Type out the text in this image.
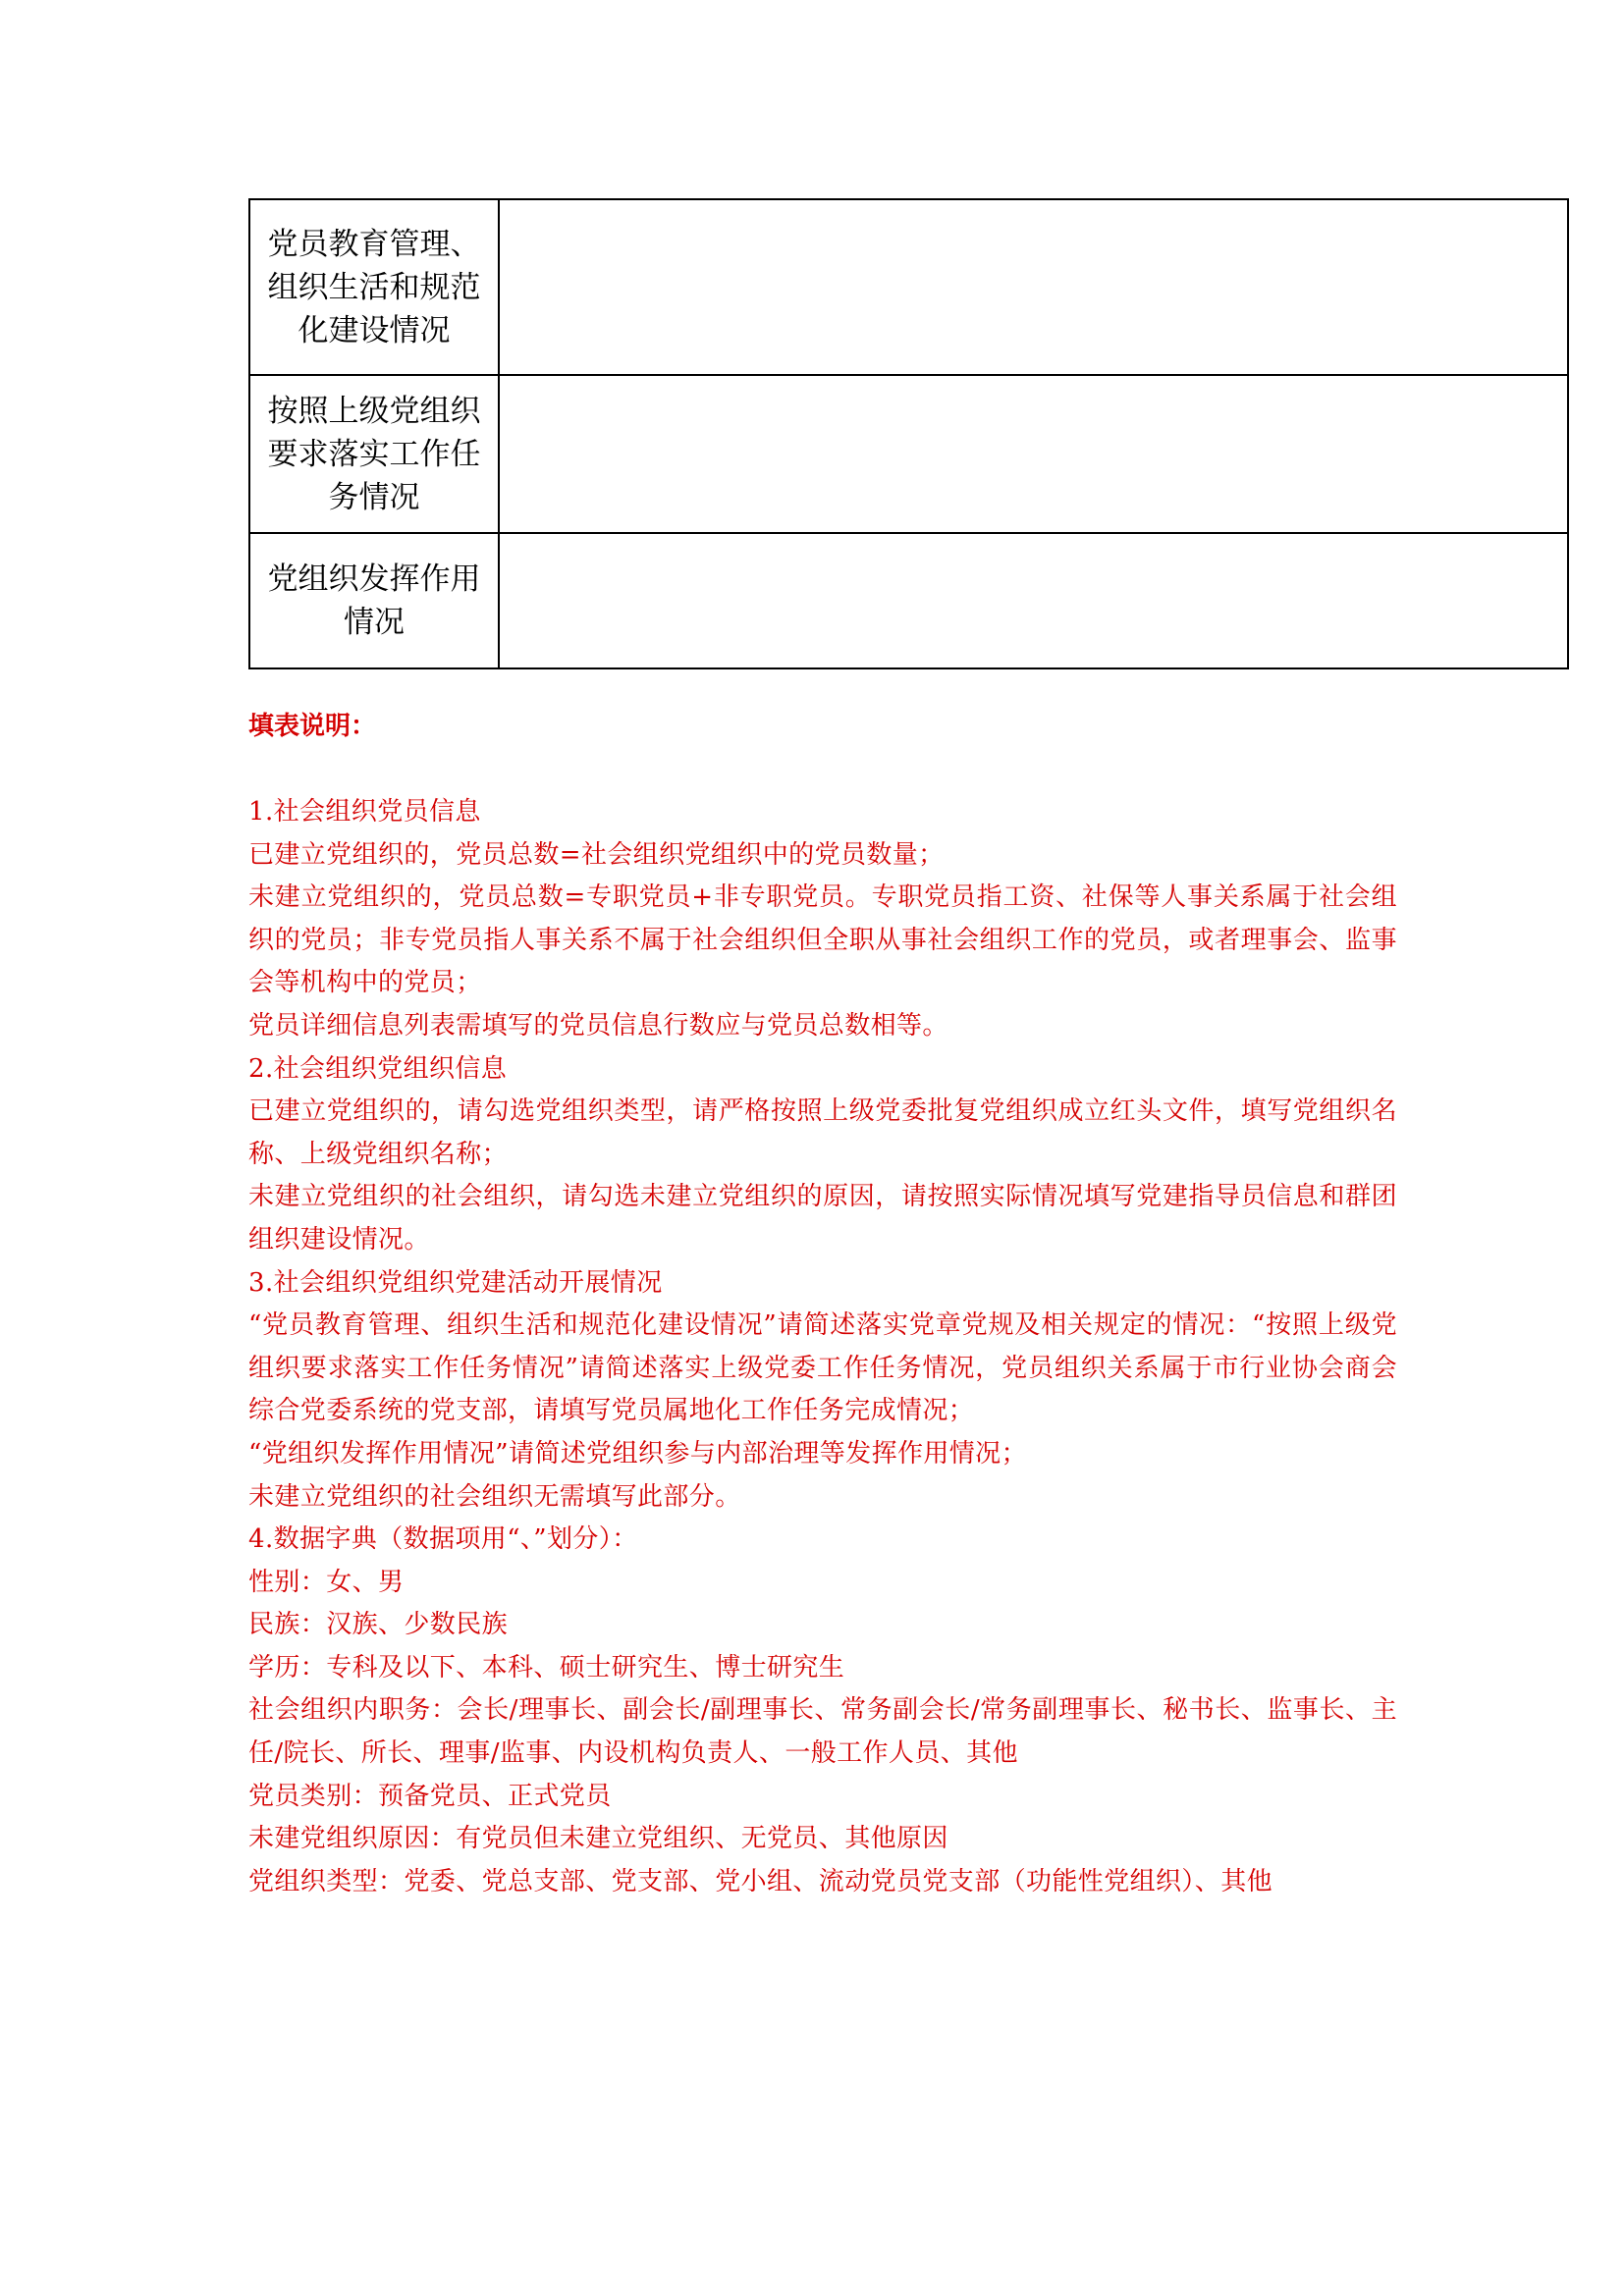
党员教育管理、
组织生活和规范
化建设情况	

按照上级党组织
要求落实工作任
务情况	

党组织发挥作用
情况	

填表说明：

1.社会组织党员信息

已建立党组织的，党员总数=社会组织党组织中的党员数量；

未建立党组织的，党员总数=专职党员+非专职党员。专职党员指工资、社保等人事关系属于社会组织的党员；非专党员指人事关系不属于社会组织但全职从事社会组织工作的党员，或者理事会、监事会等机构中的党员；

党员详细信息列表需填写的党员信息行数应与党员总数相等。

2.社会组织党组织信息

已建立党组织的，请勾选党组织类型，请严格按照上级党委批复党组织成立红头文件，填写党组织名称、上级党组织名称；

未建立党组织的社会组织，请勾选未建立党组织的原因，请按照实际情况填写党建指导员信息和群团组织建设情况。

3.社会组织党组织党建活动开展情况

“党员教育管理、组织生活和规范化建设情况”请简述落实党章党规及相关规定的情况：“按照上级党组织要求落实工作任务情况”请简述落实上级党委工作任务情况，党员组织关系属于市行业协会商会综合党委系统的党支部，请填写党员属地化工作任务完成情况；

“党组织发挥作用情况”请简述党组织参与内部治理等发挥作用情况；

未建立党组织的社会组织无需填写此部分。

4.数据字典（数据项用“、”划分）：

性别：女、男

民族：汉族、少数民族

学历：专科及以下、本科、硕士研究生、博士研究生

社会组织内职务：会长/理事长、副会长/副理事长、常务副会长/常务副理事长、秘书长、监事长、主任/院长、所长、理事/监事、内设机构负责人、一般工作人员、其他

党员类别：预备党员、正式党员

未建党组织原因：有党员但未建立党组织、无党员、其他原因

党组织类型：党委、党总支部、党支部、党小组、流动党员党支部（功能性党组织）、其他
